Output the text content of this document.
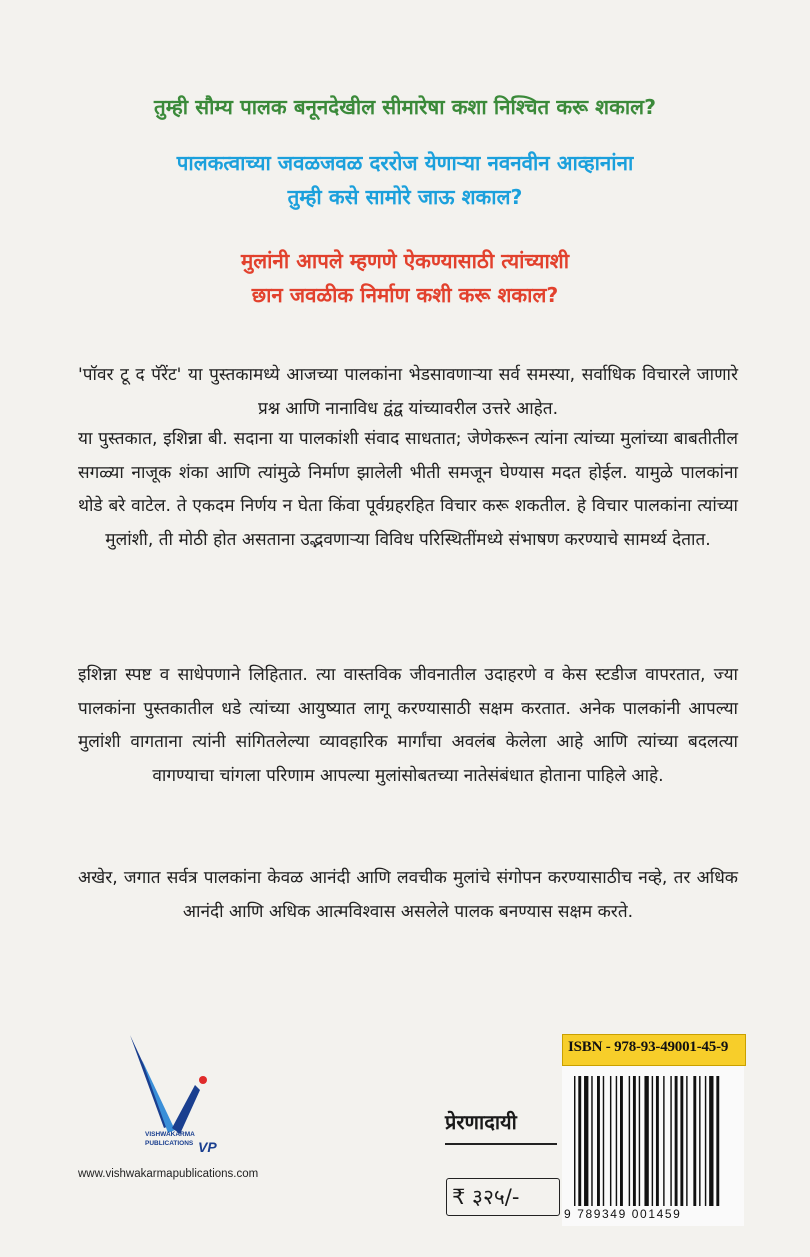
तुम्ही सौम्य पालक बनूनदेखील सीमारेषा कशा निश्चित करू शकाल?
पालकत्वाच्या जवळजवळ दररोज येणाऱ्या नवनवीन आव्हानांना
तुम्ही कसे सामोरे जाऊ शकाल?
मुलांनी आपले म्हणणे ऐकण्यासाठी त्यांच्याशी
छान जवळीक निर्माण कशी करू शकाल?

'पॉवर टू द पॅरेंट' या पुस्तकामध्ये आजच्या पालकांना भेडसावणाऱ्या सर्व समस्या, सर्वाधिक विचारले जाणारे प्रश्न आणि नानाविध द्वंद्व यांच्यावरील उत्तरे आहेत.

या पुस्तकात, इशिन्ना बी. सदाना या पालकांशी संवाद साधतात; जेणेकरून त्यांना त्यांच्या मुलांच्या बाबतीतील सगळ्या नाजूक शंका आणि त्यांमुळे निर्माण झालेली भीती समजून घेण्यास मदत होईल. यामुळे पालकांना थोडे बरे वाटेल. ते एकदम निर्णय न घेता किंवा पूर्वग्रहरहित विचार करू शकतील. हे विचार पालकांना त्यांच्या मुलांशी, ती मोठी होत असताना उद्भवणाऱ्या विविध परिस्थितींमध्ये संभाषण करण्याचे सामर्थ्य देतात.

इशिन्ना स्पष्ट व साधेपणाने लिहितात. त्या वास्तविक जीवनातील उदाहरणे व केस स्टडीज वापरतात, ज्या पालकांना पुस्तकातील धडे त्यांच्या आयुष्यात लागू करण्यासाठी सक्षम करतात. अनेक पालकांनी आपल्या मुलांशी वागताना त्यांनी सांगितलेल्या व्यावहारिक मार्गांचा अवलंब केलेला आहे आणि त्यांच्या बदलत्या वागण्याचा चांगला परिणाम आपल्या मुलांसोबतच्या नातेसंबंधात होताना पाहिले आहे.

अखेर, जगात सर्वत्र पालकांना केवळ आनंदी आणि लवचीक मुलांचे संगोपन करण्यासाठीच नव्हे, तर अधिक आनंदी आणि अधिक आत्मविश्वास असलेले पालक बनण्यास सक्षम करते.

VISHWAKARMA
PUBLICATIONS VP
www.vishwakarmapublications.com
ISBN - 978-93-49001-45-9
9 789349 001459
प्रेरणादायी
₹ ३२५/-
